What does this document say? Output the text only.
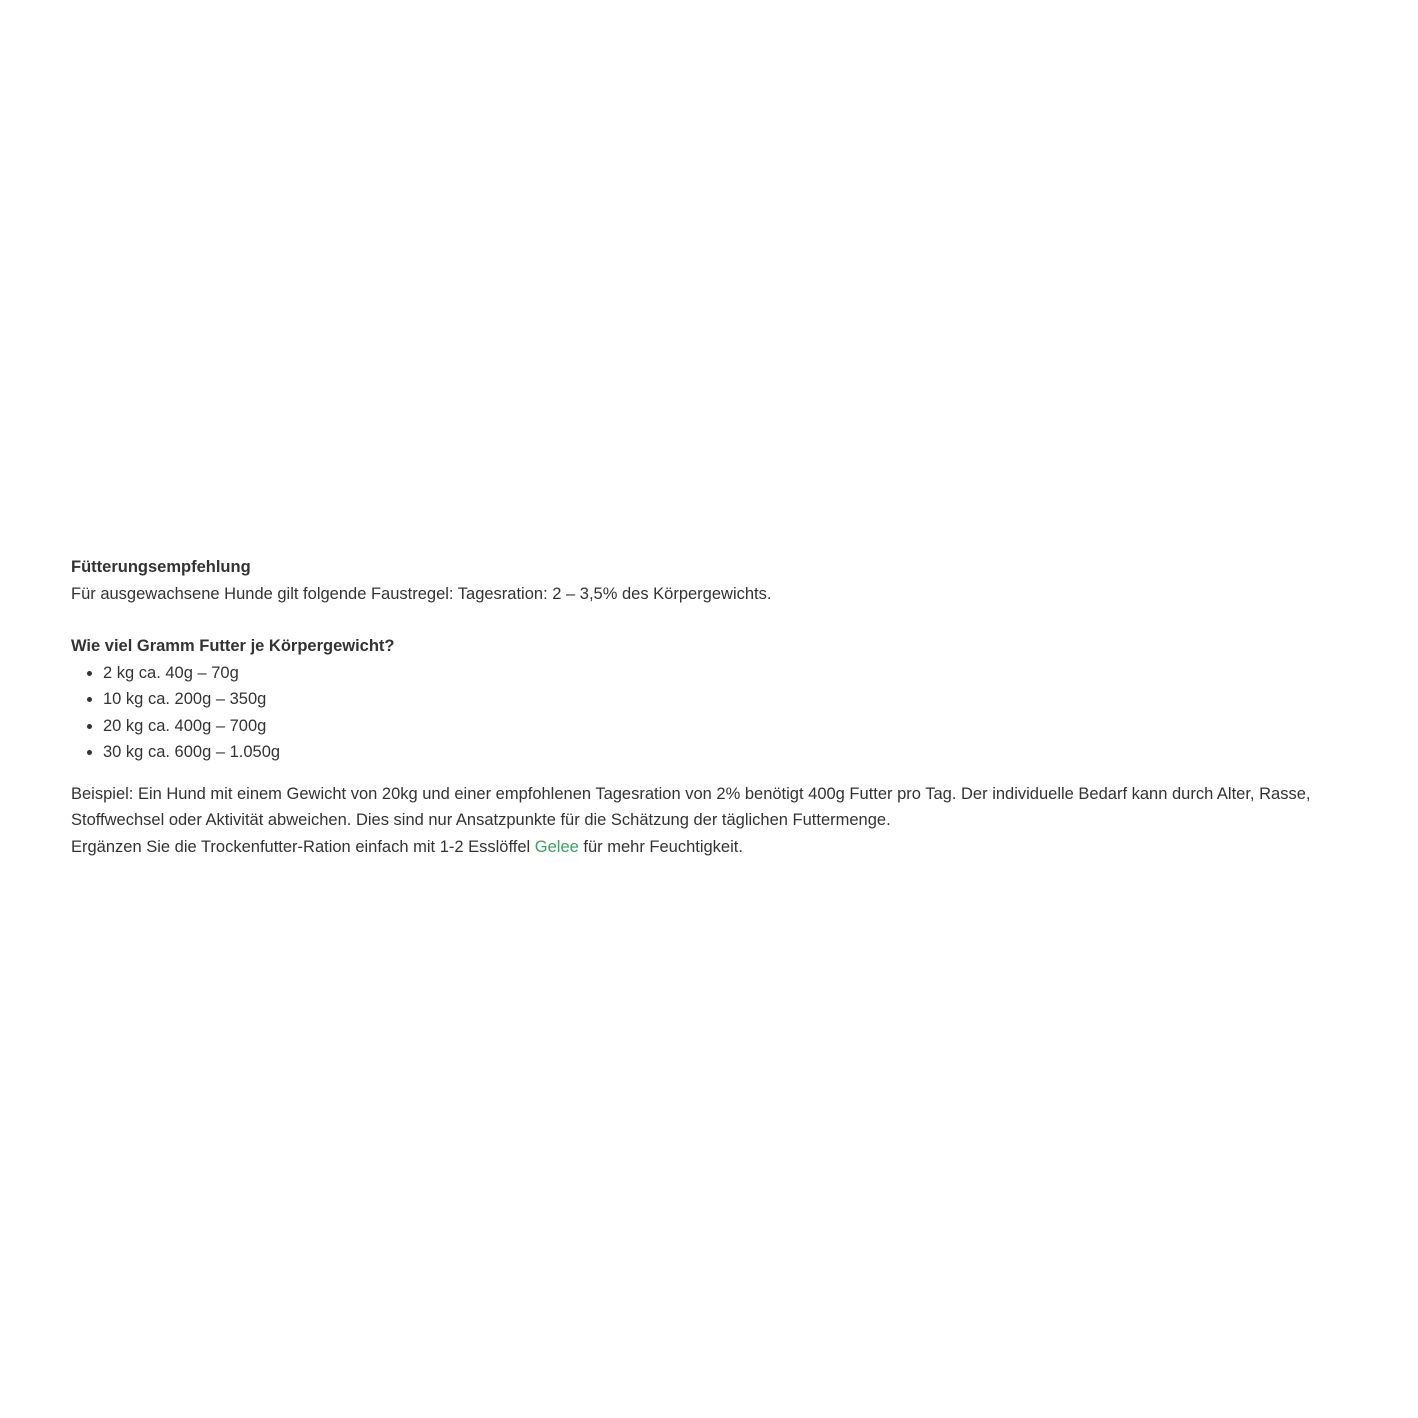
Fütterungsempfehlung

Für ausgewachsene Hunde gilt folgende Faustregel: Tagesration: 2 – 3,5% des Körpergewichts.

Wie viel Gramm Futter je Körpergewicht?

• 2 kg ca. 40g – 70g
• 10 kg ca. 200g – 350g
• 20 kg ca. 400g – 700g
• 30 kg ca. 600g – 1.050g

Beispiel: Ein Hund mit einem Gewicht von 20kg und einer empfohlenen Tagesration von 2% benötigt 400g Futter pro Tag. Der individuelle Bedarf kann durch Alter, Rasse, Stoffwechsel oder Aktivität abweichen. Dies sind nur Ansatzpunkte für die Schätzung der täglichen Futtermenge.

Ergänzen Sie die Trockenfutter-Ration einfach mit 1-2 Esslöffel Gelee für mehr Feuchtigkeit.
